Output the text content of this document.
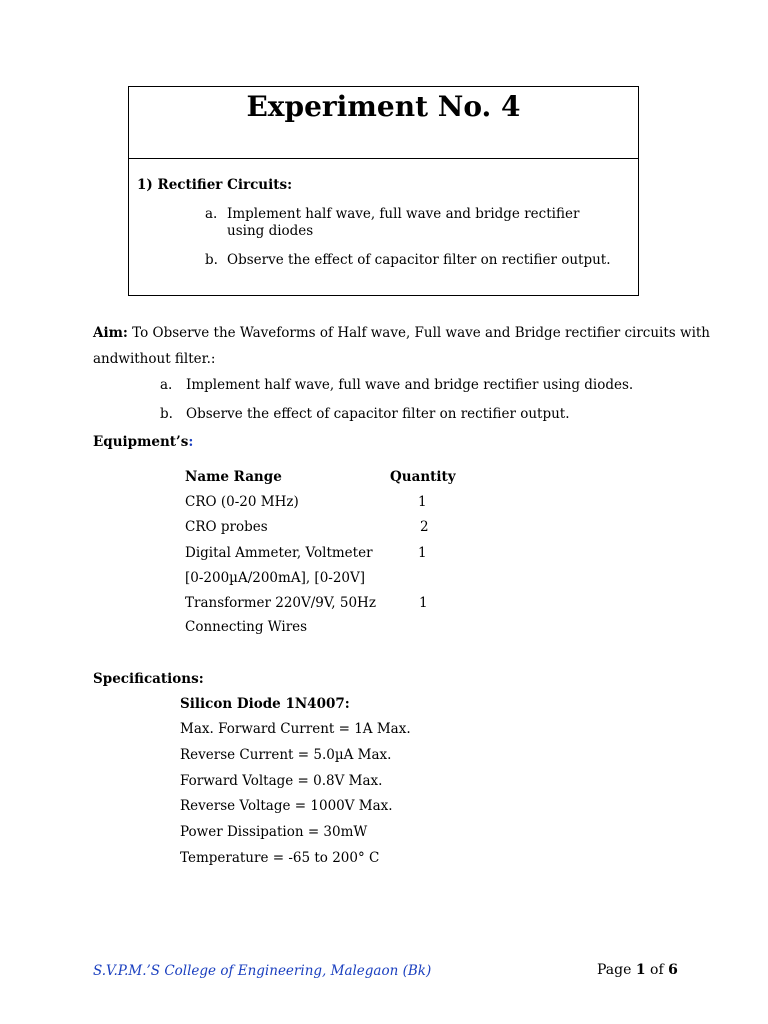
Experiment No. 4
1) Rectifier Circuits:
a. Implement half wave, full wave and bridge rectifier using diodes
b. Observe the effect of capacitor filter on rectifier output.
Aim: To Observe the Waveforms of Half wave, Full wave and Bridge rectifier circuits with
andwithout filter.:
a. Implement half wave, full wave and bridge rectifier using diodes.
b. Observe the effect of capacitor filter on rectifier output.
Equipment’s:
Name Range	Quantity
CRO (0-20 MHz)	1
CRO probes	2
Digital Ammeter, Voltmeter	1
[0-200µA/200mA], [0-20V]
Transformer 220V/9V, 50Hz	1
Connecting Wires
Specifications:
Silicon Diode 1N4007:
Max. Forward Current = 1A Max.
Reverse Current = 5.0µA Max.
Forward Voltage = 0.8V Max.
Reverse Voltage = 1000V Max.
Power Dissipation = 30mW
Temperature = -65 to 200° C
S.V.P.M.’S College of Engineering, Malegaon (Bk)	Page 1 of 6
